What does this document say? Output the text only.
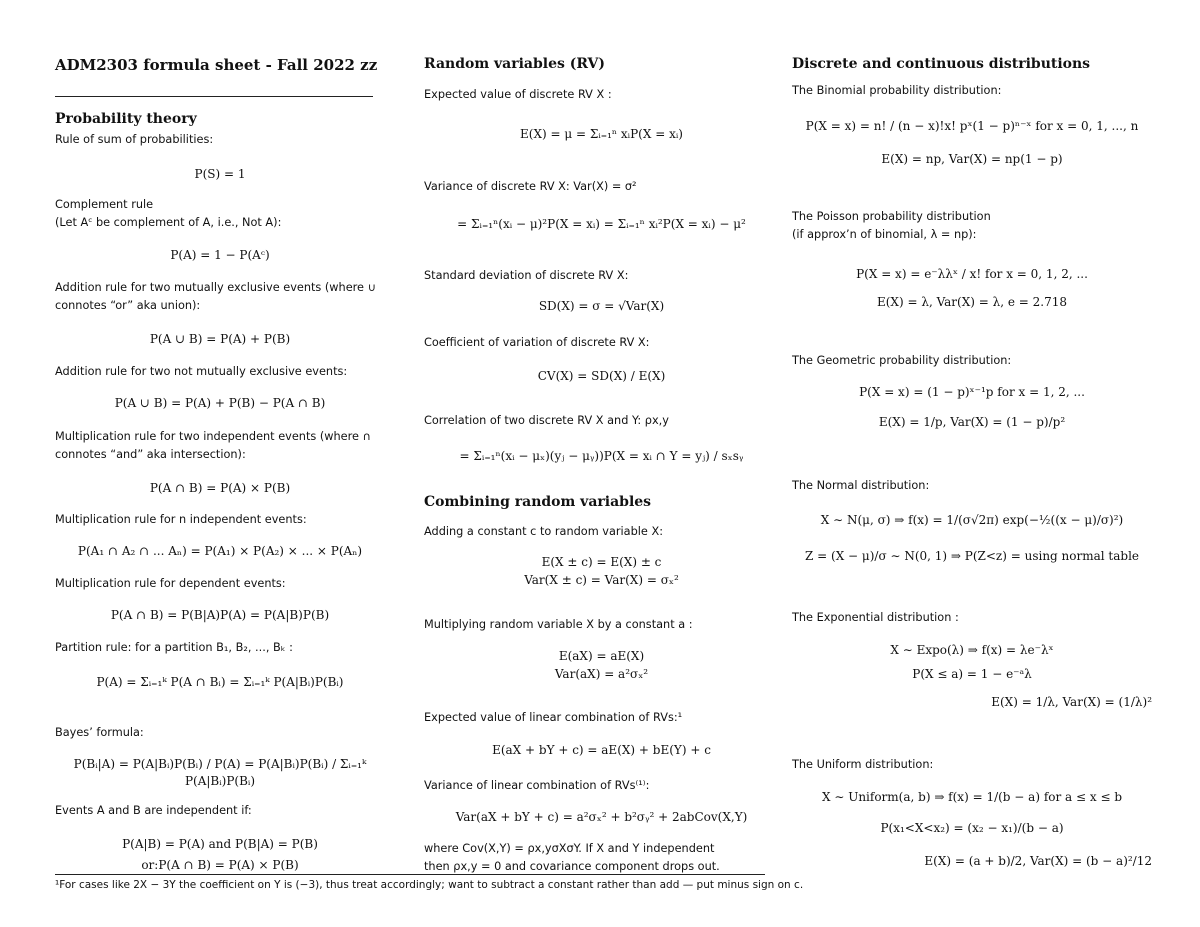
ADM2303 formula sheet - Fall 2022 zz
Probability theory
Rule of sum of probabilities:
P(S) = 1
Complement rule
(Let Aᶜ be complement of A, i.e., Not A):
P(A) = 1 − P(Aᶜ)
Addition rule for two mutually exclusive events (where ∪
connotes “or” aka union):
P(A ∪ B) = P(A) + P(B)
Addition rule for two not mutually exclusive events:
P(A ∪ B) = P(A) + P(B) − P(A ∩ B)
Multiplication rule for two independent events (where ∩
connotes “and” aka intersection):
P(A ∩ B) = P(A) × P(B)
Multiplication rule for n independent events:
P(A₁ ∩ A₂ ∩ ... Aₙ) = P(A₁) × P(A₂) × ... × P(Aₙ)
Multiplication rule for dependent events:
P(A ∩ B) = P(B|A)P(A) = P(A|B)P(B)
Partition rule: for a partition B₁, B₂, ..., Bₖ :
P(A) = Σᵢ₌₁ᵏ P(A ∩ Bᵢ) = Σᵢ₌₁ᵏ P(A|Bᵢ)P(Bᵢ)
Bayes’ formula:
P(Bᵢ|A) = P(A|Bᵢ)P(Bᵢ) / P(A) = P(A|Bᵢ)P(Bᵢ) / Σᵢ₌₁ᵏ P(A|Bᵢ)P(Bᵢ)
Events A and B are independent if:
P(A|B) = P(A) and P(B|A) = P(B)
or:P(A ∩ B) = P(A) × P(B)
Random variables (RV)
Expected value of discrete RV X :
E(X) = μ = Σᵢ₌₁ⁿ xᵢP(X = xᵢ)
Variance of discrete RV X: Var(X) = σ²
= Σᵢ₌₁ⁿ(xᵢ − μ)²P(X = xᵢ) = Σᵢ₌₁ⁿ xᵢ²P(X = xᵢ) − μ²
Standard deviation of discrete RV X:
SD(X) = σ = √Var(X)
Coefficient of variation of discrete RV X:
CV(X) = SD(X) / E(X)
Correlation of two discrete RV X and Y: ρx,y
= Σᵢ₌₁ⁿ(xᵢ − μₓ)(yⱼ − μᵧ))P(X = xᵢ ∩ Y = yⱼ) / sₓsᵧ
Combining random variables
Adding a constant c to random variable X:
E(X ± c) = E(X) ± c
Var(X ± c) = Var(X) = σₓ²
Multiplying random variable X by a constant a :
E(aX) = aE(X)
Var(aX) = a²σₓ²
Expected value of linear combination of RVs:¹
E(aX + bY + c) = aE(X) + bE(Y) + c
Variance of linear combination of RVs⁽¹⁾:
Var(aX + bY + c) = a²σₓ² + b²σᵧ² + 2abCov(X,Y)
where Cov(X,Y) = ρx,yσXσY. If X and Y independent
then ρx,y = 0 and covariance component drops out.
Discrete and continuous distributions
The Binomial probability distribution:
P(X = x) = n! / (n − x)!x! pˣ(1 − p)ⁿ⁻ˣ for x = 0, 1, ..., n
E(X) = np, Var(X) = np(1 − p)
The Poisson probability distribution
(if approx’n of binomial, λ = np):
P(X = x) = e⁻λλˣ / x! for x = 0, 1, 2, ...
E(X) = λ, Var(X) = λ, e = 2.718
The Geometric probability distribution:
P(X = x) = (1 − p)ˣ⁻¹p for x = 1, 2, ...
E(X) = 1/p, Var(X) = (1 − p)/p²
The Normal distribution:
X ∼ N(μ, σ) ⇒ f(x) = 1/(σ√2π) exp(−½((x − μ)/σ)²)
Z = (X − μ)/σ ∼ N(0, 1) ⇒ P(Z<z) = using normal table
The Exponential distribution :
X ∼ Expo(λ) ⇒ f(x) = λe⁻λˣ
P(X ≤ a) = 1 − e⁻ᵃλ
E(X) = 1/λ, Var(X) = (1/λ)²
The Uniform distribution:
X ∼ Uniform(a, b) ⇒ f(x) = 1/(b − a) for a ≤ x ≤ b
P(x₁<X<x₂) = (x₂ − x₁)/(b − a)
E(X) = (a + b)/2, Var(X) = (b − a)²/12
¹For cases like 2X − 3Y the coefficient on Y is (−3), thus treat accordingly; want to subtract a constant rather than add — put minus sign on c.
